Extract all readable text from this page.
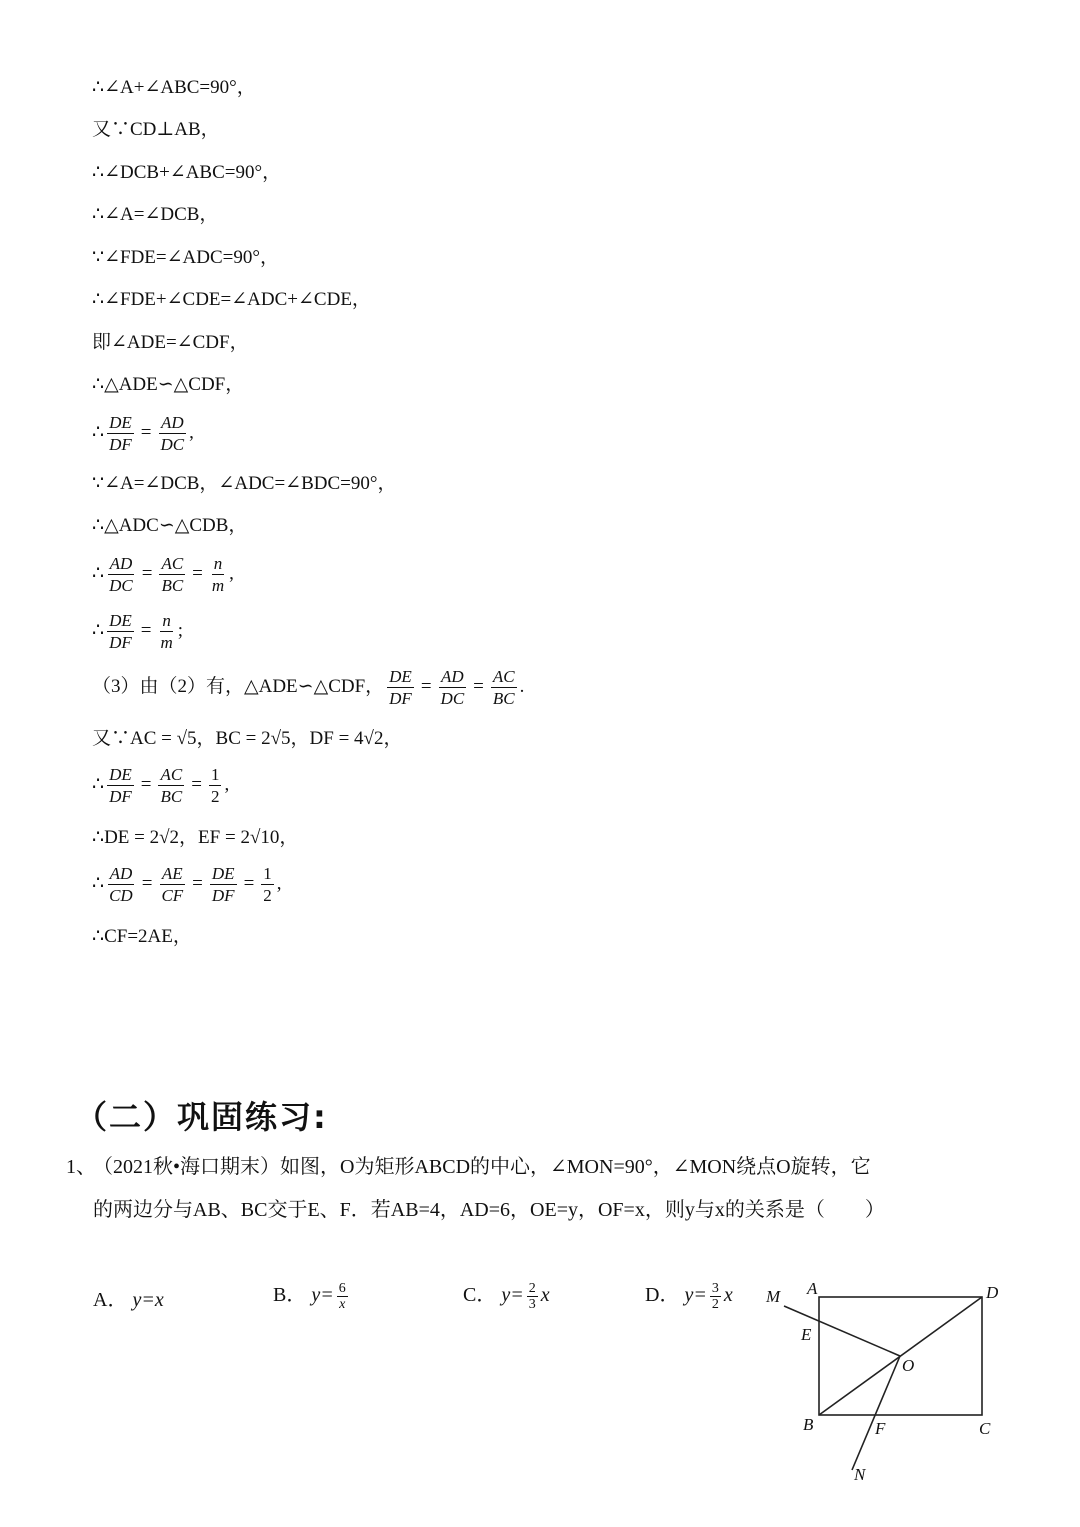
∴∠A+∠ABC=90°，
又∵CD⊥AB，
∴∠DCB+∠ABC=90°，
∴∠A=∠DCB，
∵∠FDE=∠ADC=90°，
∴∠FDE+∠CDE=∠ADC+∠CDE，
即∠ADE=∠CDF，
∴△ADE∽△CDF，
∴ $\frac{DE}{DF} = \frac{AD}{DC}$ ,
∵∠A=∠DCB，∠ADC=∠BDC=90°，
∴△ADC∽△CDB，
∴ $\frac{AD}{DC} = \frac{AC}{BC} = \frac{n}{m}$ ,
∴ $\frac{DE}{DF} = \frac{n}{m}$ ;
（3）由（2）有，△ADE∽△CDF， $\frac{DE}{DF} = \frac{AD}{DC} = \frac{AC}{BC}$ .
又∵AC = √5，BC = 2√5，DF = 4√2，
∴ $\frac{DE}{DF} = \frac{AC}{BC} = \frac{1}{2}$ ,
∴DE = 2√2，EF = 2√10，
∴ $\frac{AD}{CD} = \frac{AE}{CF} = \frac{DE}{DF} = \frac{1}{2}$ ,
∴CF=2AE，
（二）巩固练习:
1、
（2021秋•海口期末）如图，O为矩形ABCD的中心，∠MON=90°，∠MON绕点O旋转，它
的两边分与AB、BC交于E、F．若AB=4，AD=6，OE=y，OF=x，则y与x的关系是（　　）
A． y=x	B． $y= \frac{6}{x}$	C． $y= \frac{2}{3}$ x	D． $y= \frac{3}{2}$ x M A	D
E
O
B	F	C
N
